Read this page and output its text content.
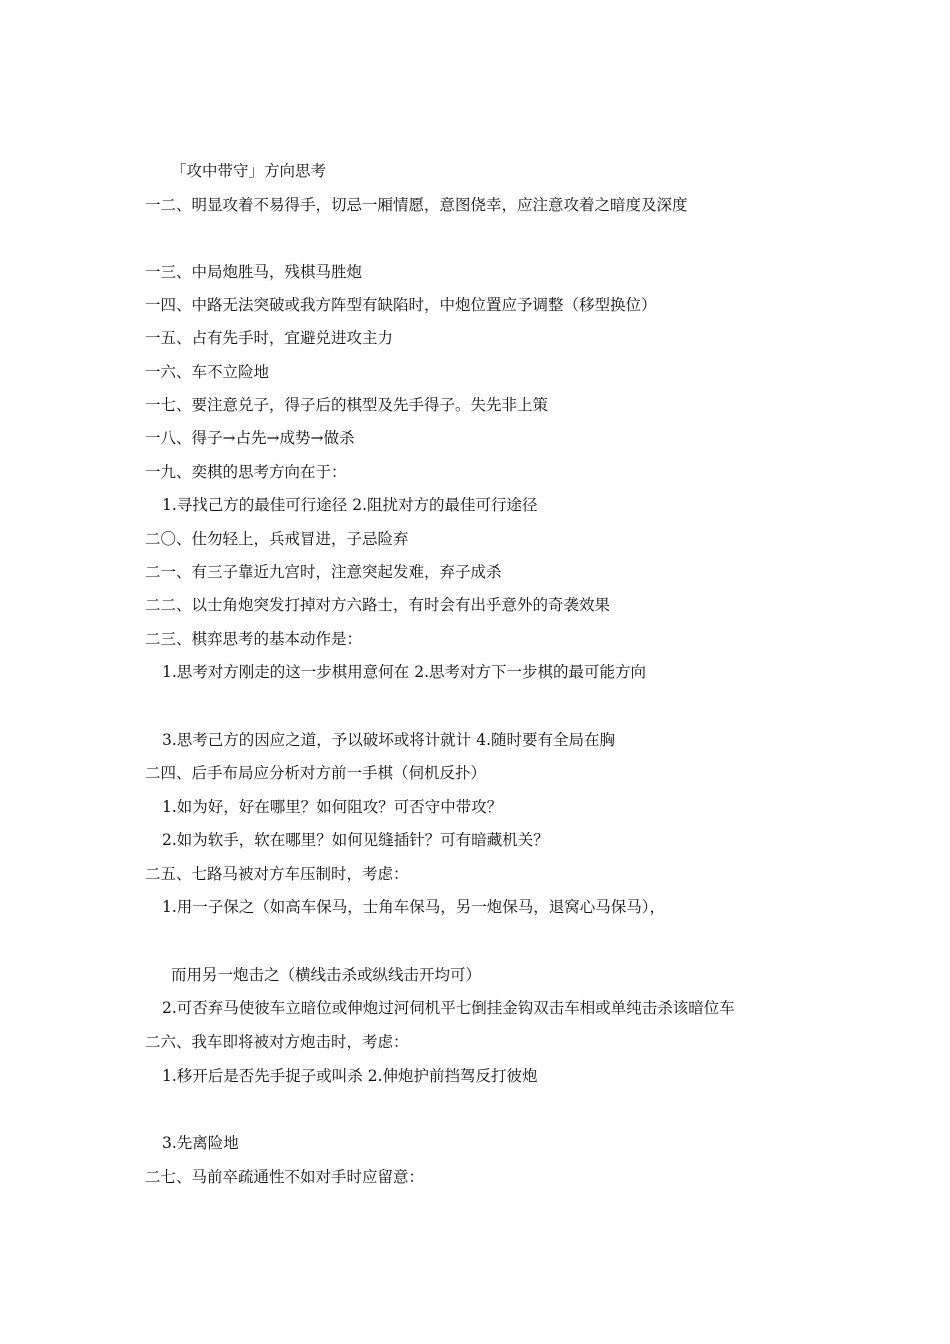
「攻中带守」方向思考
一二、明显攻着不易得手，切忌一厢情愿，意图侥幸，应注意攻着之暗度及深度
一三、中局炮胜马，残棋马胜炮
一四、中路无法突破或我方阵型有缺陷时，中炮位置应予调整（移型换位）
一五、占有先手时，宜避兑进攻主力
一六、车不立险地
一七、要注意兑子，得子后的棋型及先手得子。失先非上策
一八、得子→占先→成势→做杀
一九、奕棋的思考方向在于：
1.寻找己方的最佳可行途径 2.阻扰对方的最佳可行途径
二〇、仕勿轻上，兵戒冒进，子忌险弃
二一、有三子靠近九宫时，注意突起发难，弃子成杀
二二、以士角炮突发打掉对方六路士，有时会有出乎意外的奇袭效果
二三、棋弈思考的基本动作是：
1.思考对方刚走的这一步棋用意何在 2.思考对方下一步棋的最可能方向
3.思考己方的因应之道，予以破坏或将计就计 4.随时要有全局在胸
二四、后手布局应分析对方前一手棋（伺机反扑）
1.如为好，好在哪里？如何阻攻？可否守中带攻？
2.如为软手，软在哪里？如何见缝插针？可有暗藏机关？
二五、七路马被对方车压制时，考虑：
1.用一子保之（如高车保马，士角车保马，另一炮保马，退窝心马保马），
而用另一炮击之（横线击杀或纵线击开均可）
2.可否弃马使彼车立暗位或伸炮过河伺机平七倒挂金钩双击车相或单纯击杀该暗位车
二六、我车即将被对方炮击时，考虑：
1.移开后是否先手捉子或叫杀 2.伸炮护前挡驾反打彼炮
3.先离险地
二七、马前卒疏通性不如对手时应留意：
